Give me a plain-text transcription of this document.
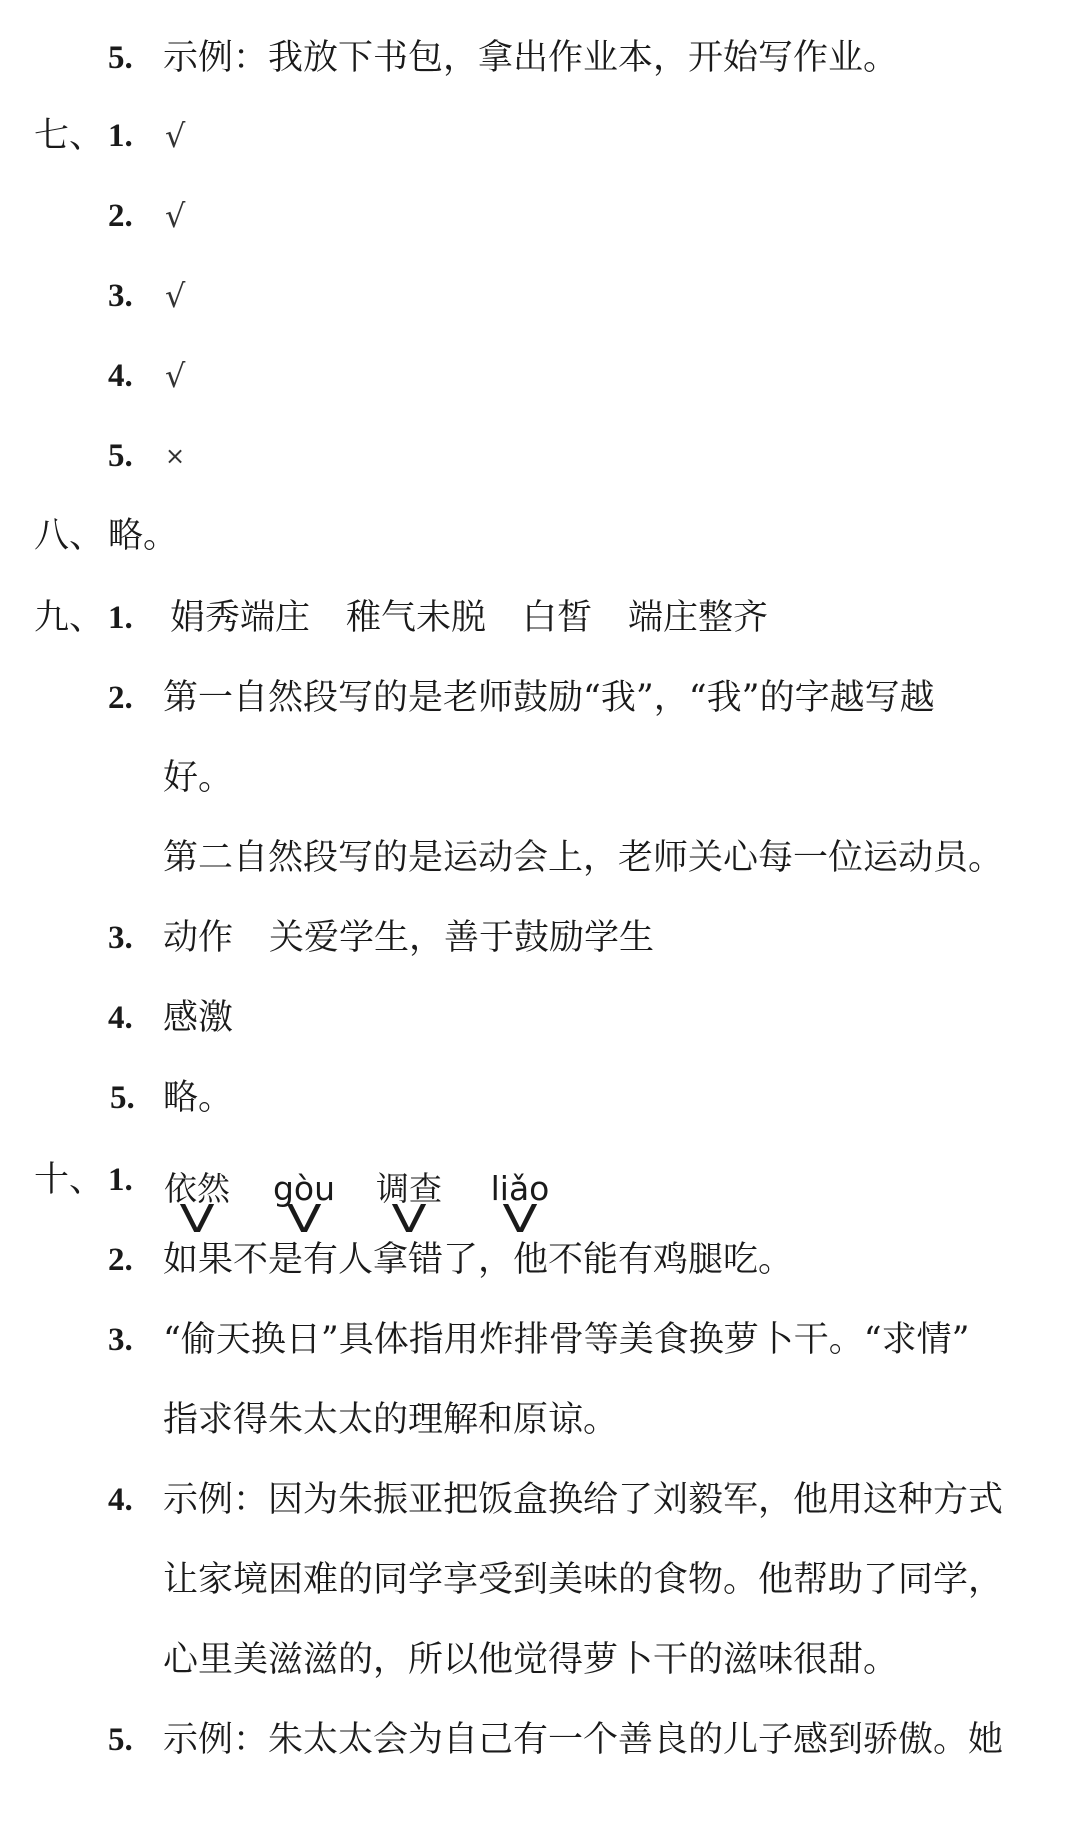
5. 示例：我放下书包，拿出作业本，开始写作业。
七、 1. √
2. √
3. √
4. √
5. ×
八、 略。
九、 1. 娟秀端庄 稚气未脱 白皙 端庄整齐
2. 第一自然段写的是老师鼓励“我”，“我”的字越写越
好。
第二自然段写的是运动会上，老师关心每一位运动员。
3. 动作 关爱学生，善于鼓励学生
4. 感激
5. 略。
十、 1. 依然
V
gòu
V
调查
V
liǎo
V
2. 如果不是有人拿错了，他不能有鸡腿吃。
3. “偷天换日”具体指用炸排骨等美食换萝卜干。“求情”
指求得朱太太的理解和原谅。
4. 示例：因为朱振亚把饭盒换给了刘毅军，他用这种方式
让家境困难的同学享受到美味的食物。他帮助了同学，
心里美滋滋的，所以他觉得萝卜干的滋味很甜。
5. 示例：朱太太会为自己有一个善良的儿子感到骄傲。她
